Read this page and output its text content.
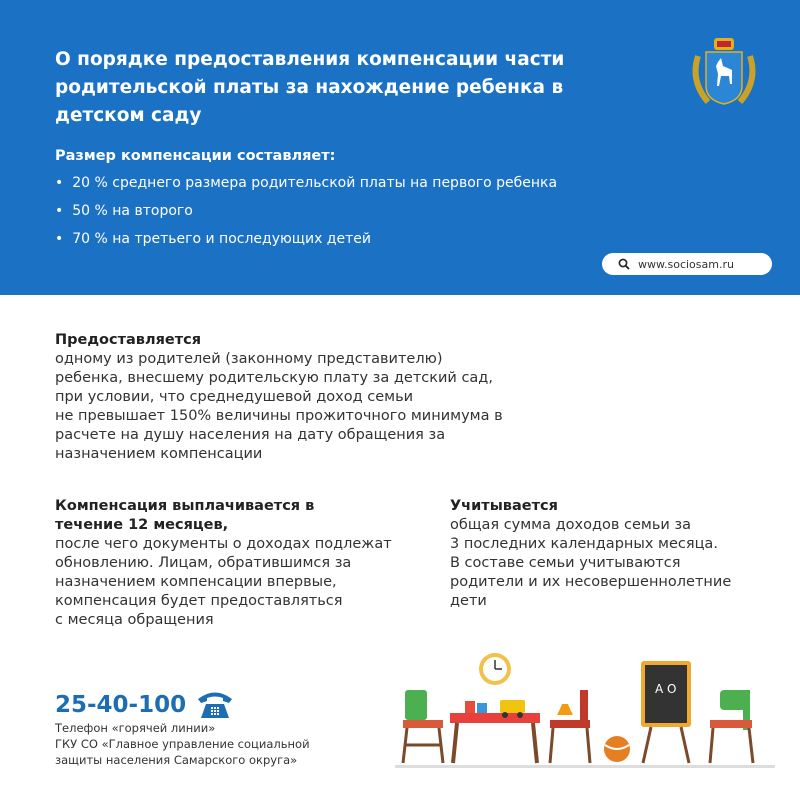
О порядке предоставления компенсации части родительской платы за нахождение ребенка в детском саду
Размер компенсации составляет:
• 20 % среднего размера родительской платы на первого ребенка
• 50 % на второго
• 70 % на третьего и последующих детей
www.sociosam.ru
Предоставляется
одному из родителей (законному представителю)
ребенка, внесшему родительскую плату за детский сад,
при условии, что среднедушевой доход семьи
не превышает 150% величины прожиточного минимума в
расчете на душу населения на дату обращения за
назначением компенсации
Компенсация выплачивается в
течение 12 месяцев,
после чего документы о доходах подлежат
обновлению. Лицам, обратившимся за
назначением компенсации впервые,
компенсация будет предоставляться
с месяца обращения
Учитывается
общая сумма доходов семьи за
3 последних календарных месяца.
В составе семьи учитываются
родители и их несовершеннолетние
дети
25-40-100
Телефон «горячей линии»
ГКУ СО «Главное управление социальной
защиты населения Самарского округа»
А О
